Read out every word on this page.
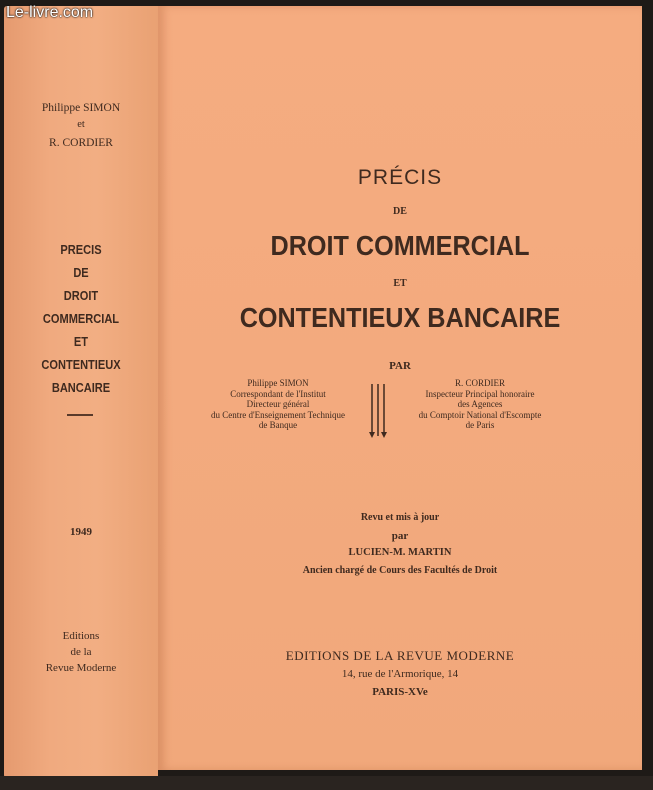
Philippe SIMON
et
R. CORDIER
PRECIS
DE
DROIT
COMMERCIAL
ET
CONTENTIEUX
BANCAIRE
1949
Editions
de la
Revue Moderne
PRÉCIS
DE
DROIT COMMERCIAL
ET
CONTENTIEUX BANCAIRE
PAR
Philippe SIMON
Correspondant de l'Institut
Directeur général
du Centre d'Enseignement Technique
de Banque
R. CORDIER
Inspecteur Principal honoraire
des Agences
du Comptoir National d'Escompte
de Paris
Revu et mis à jour
par
LUCIEN-M. MARTIN
Ancien chargé de Cours des Facultés de Droit
EDITIONS DE LA REVUE MODERNE
14, rue de l'Armorique, 14
PARIS-XVe
Le-livre.com
